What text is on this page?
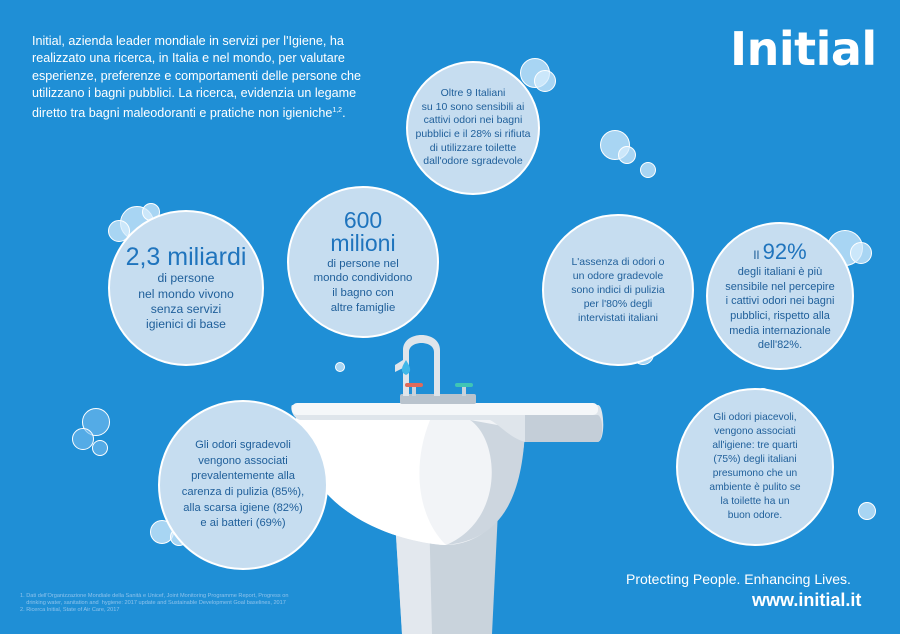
Initial, azienda leader mondiale in servizi per l'Igiene, ha realizzato una ricerca, in Italia e nel mondo, per valutare esperienze, preferenze e comportamenti delle persone che utilizzano i bagni pubblici. La ricerca, evidenzia un legame diretto tra bagni maleodoranti e pratiche non igieniche$^{1,2}$.
Initial
Oltre 9 Italiani
su 10 sono sensibili ai
cattivi odori nei bagni
pubblici e il 28% si rifiuta
di utilizzare toilette
dall'odore sgradevole
2,3 miliardi
di persone
nel mondo vivono
senza servizi
igienici di base
600
milioni
di persone nel
mondo condividono
il bagno con
altre famiglie
L'assenza di odori o
un odore gradevole
sono indici di pulizia
per l'80% degli
intervistati italiani
Il 92%
degli italiani è più
sensibile nel percepire
i cattivi odori nei bagni
pubblici, rispetto alla
media internazionale
dell'82%.
Gli odori sgradevoli
vengono associati
prevalentemente alla
carenza di pulizia (85%),
alla scarsa igiene (82%)
e ai batteri (69%)
Gli odori piacevoli,
vengono associati
all'igiene: tre quarti
(75%) degli italiani
presumono che un
ambiente è pulito se
la toilette ha un
buon odore.
Protecting People. Enhancing Lives.
www.initial.it
1. Dati dell'Organizzazione Mondiale della Sanità e Unicef, Joint Monitoring Programme Report, Progress on
drinking water, sanitation and  hygiene: 2017 update and Sustainable Development Goal baselines, 2017
2. Ricerca Initial, State of Air Care, 2017
